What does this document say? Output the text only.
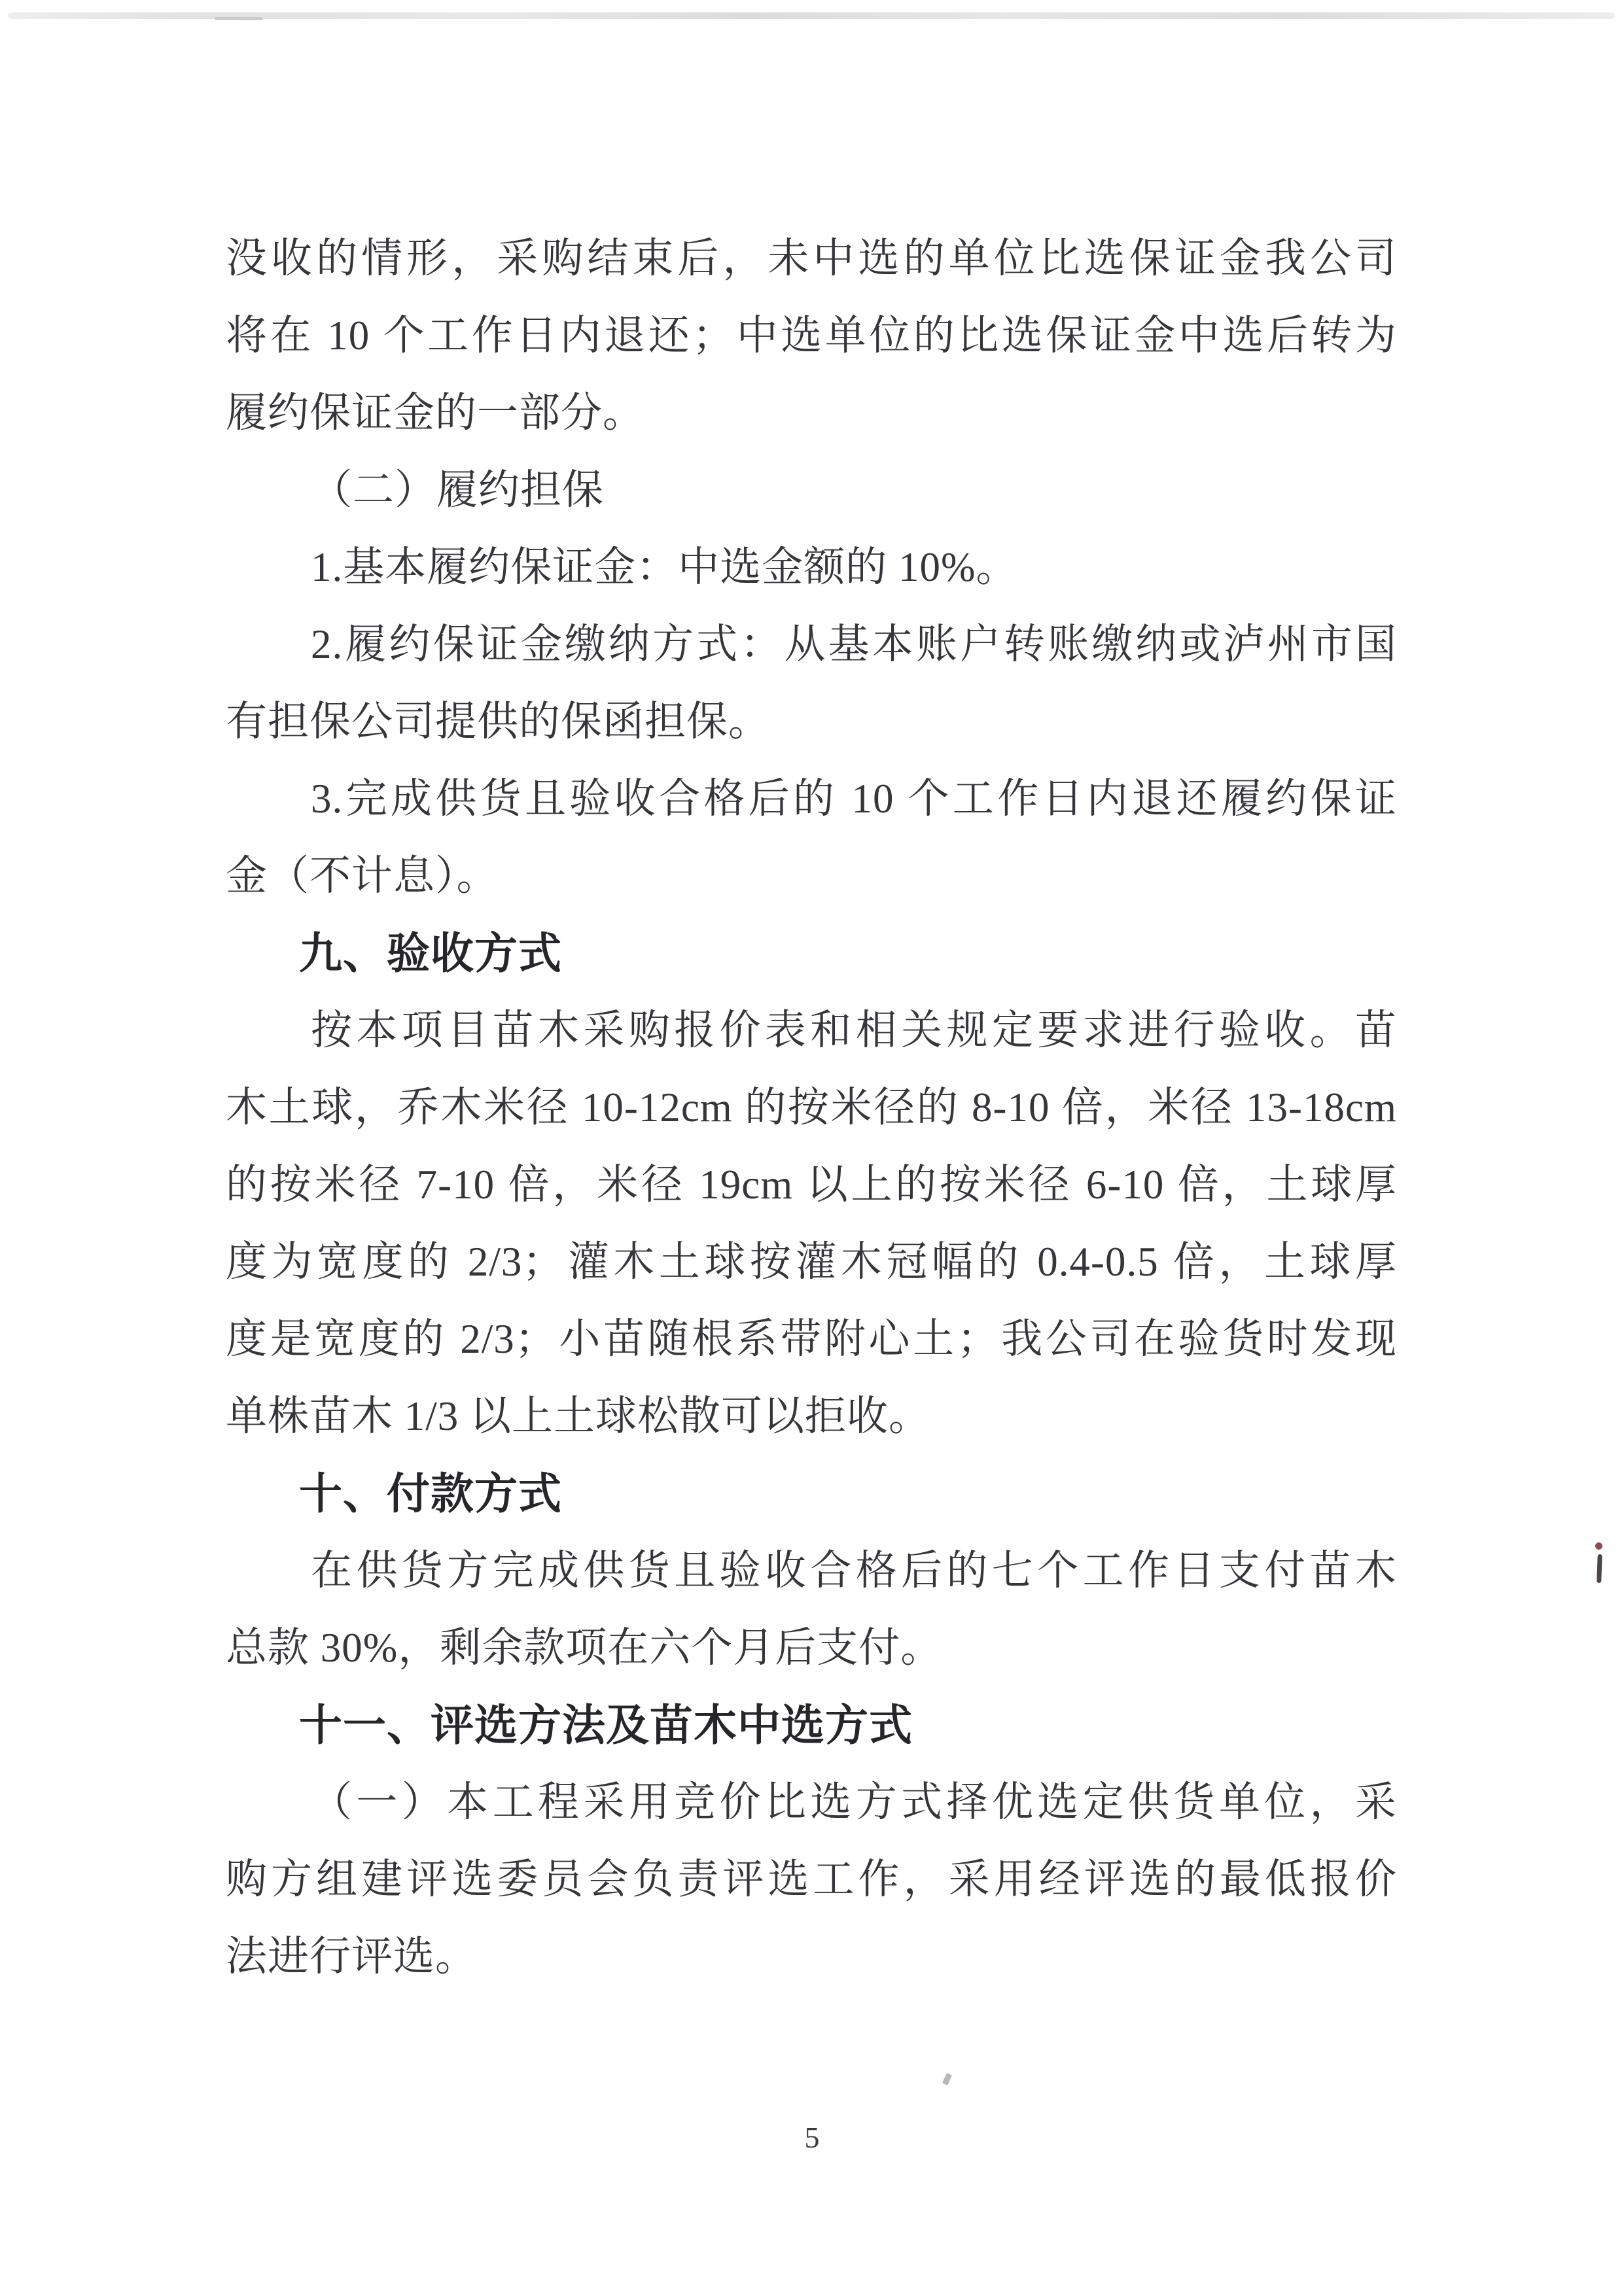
没收的情形，采购结束后，未中选的单位比选保证金我公司
将在 10 个工作日内退还；中选单位的比选保证金中选后转为
履约保证金的一部分。
（二）履约担保
1.基本履约保证金：中选金额的 10%。
2.履约保证金缴纳方式：从基本账户转账缴纳或泸州市国
有担保公司提供的保函担保。
3.完成供货且验收合格后的 10 个工作日内退还履约保证
金（不计息）。
九、验收方式
按本项目苗木采购报价表和相关规定要求进行验收。苗
木土球，乔木米径 10-12cm 的按米径的 8-10 倍，米径 13-18cm
的按米径 7-10 倍，米径 19cm 以上的按米径 6-10 倍，土球厚
度为宽度的 2/3；灌木土球按灌木冠幅的 0.4-0.5 倍，土球厚
度是宽度的 2/3；小苗随根系带附心土；我公司在验货时发现
单株苗木 1/3 以上土球松散可以拒收。
十、付款方式
在供货方完成供货且验收合格后的七个工作日支付苗木
总款 30%，剩余款项在六个月后支付。
十一、评选方法及苗木中选方式
（一）本工程采用竞价比选方式择优选定供货单位，采
购方组建评选委员会负责评选工作，采用经评选的最低报价
法进行评选。
5
